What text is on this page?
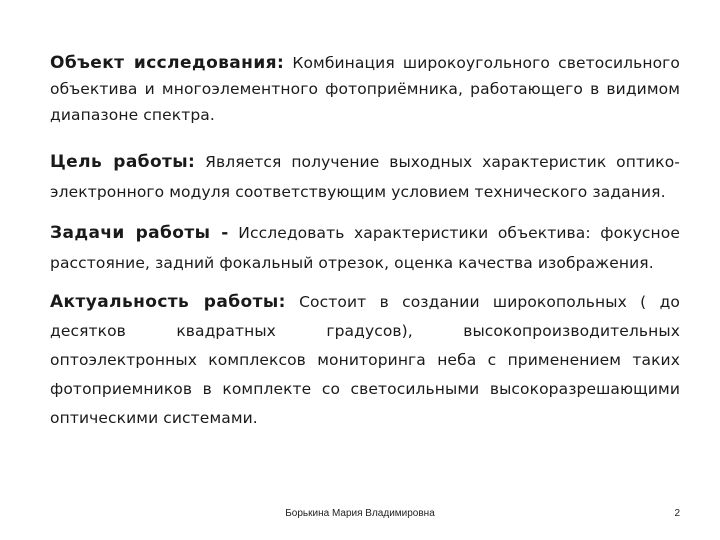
Объект исследования: Комбинация широкоугольного светосильного объектива и многоэлементного фотоприёмника, работающего в видимом диапазоне спектра.
Цель работы: Является получение выходных характеристик оптико-электронного модуля соответствующим условием технического задания.
Задачи работы - Исследовать характеристики объектива: фокусное расстояние, задний фокальный отрезок, оценка качества изображения.
Актуальность работы: Состоит в создании широкопольных ( до десятков квадратных градусов), высокопроизводительных оптоэлектронных комплексов мониторинга неба с применением таких фотоприемников в комплекте со светосильными высокоразрешающими оптическими системами.
Борькина Мария Владимировна	2
